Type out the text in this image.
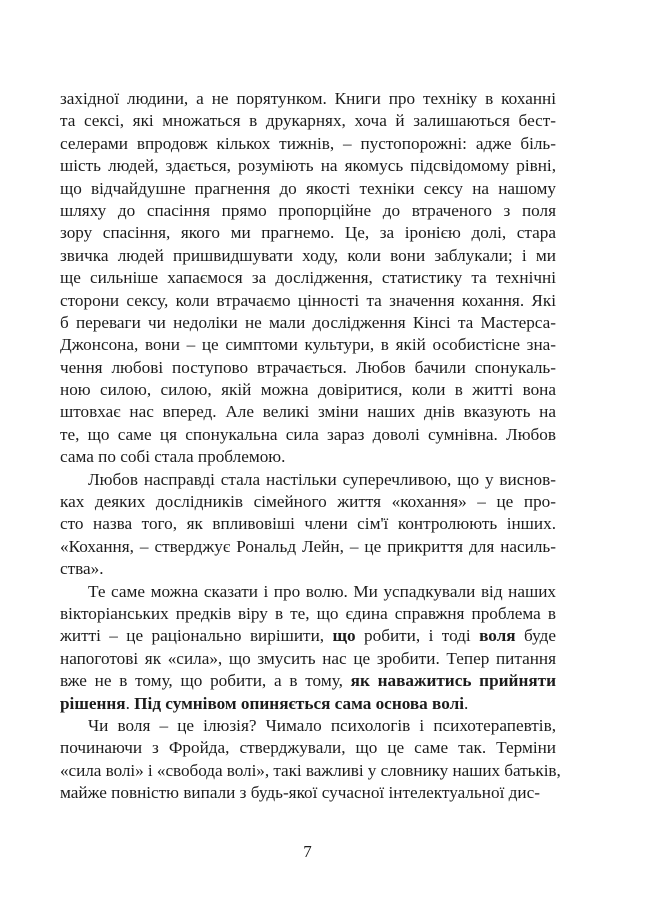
західної людини, а не порятунком. Книги про техніку в коханні
та сексі, які множаться в друкарнях, хоча й залишаються бест-
селерами впродовж кількох тижнів, – пустопорожні: адже біль-
шість людей, здається, розуміють на якомусь підсвідомому рівні,
що відчайдушне прагнення до якості техніки сексу на нашому
шляху до спасіння прямо пропорційне до втраченого з поля
зору спасіння, якого ми прагнемо. Це, за іронією долі, стара
звичка людей пришвидшувати ходу, коли вони заблукали; і ми
ще сильніше хапаємося за дослідження, статистику та технічні
сторони сексу, коли втрачаємо цінності та значення кохання. Які
б переваги чи недоліки не мали дослідження Кінсі та Мастерса-
Джонсона, вони – це симптоми культури, в якій особистісне зна-
чення любові поступово втрачається. Любов бачили спонукаль-
ною силою, силою, якій можна довіритися, коли в житті вона
штовхає нас вперед. Але великі зміни наших днів вказують на
те, що саме ця спонукальна сила зараз доволі сумнівна. Любов
сама по собі стала проблемою.
Любов насправді стала настільки суперечливою, що у виснов-
ках деяких дослідників сімейного життя «кохання» – це про-
сто назва того, як впливовіші члени сім'ї контролюють інших.
«Кохання, – стверджує Рональд Лейн, – це прикриття для насиль-
ства».
Те саме можна сказати і про волю. Ми успадкували від наших
вікторіанських предків віру в те, що єдина справжня проблема в
житті – це раціонально вирішити, що робити, і тоді воля буде
напоготові як «сила», що змусить нас це зробити. Тепер питання
вже не в тому, що робити, а в тому, як наважитись прийняти
рішення. Під сумнівом опиняється сама основа волі.
Чи воля – це ілюзія? Чимало психологів і психотерапевтів,
починаючи з Фройда, стверджували, що це саме так. Терміни
«сила волі» і «свобода волі», такі важливі у словнику наших батьків,
майже повністю випали з будь-якої сучасної інтелектуальної дис-
7
